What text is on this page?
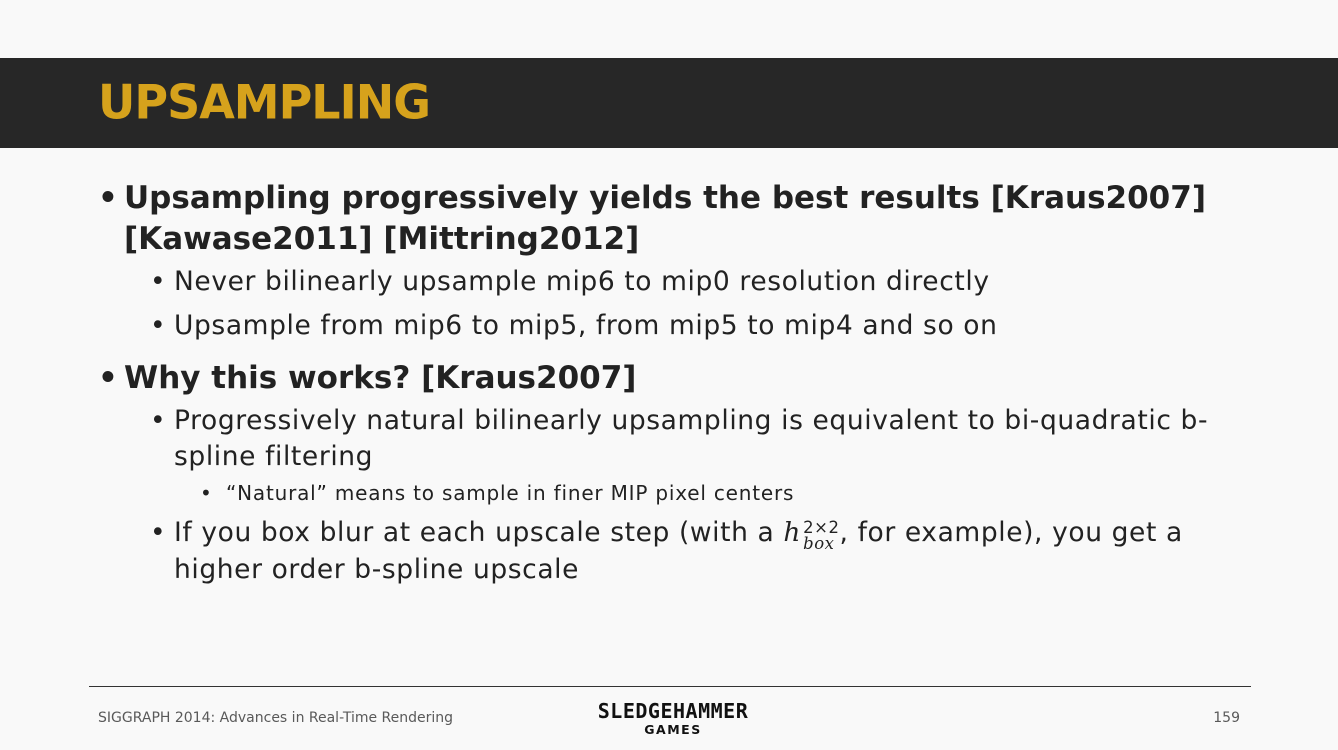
UPSAMPLING
• Upsampling progressively yields the best results [Kraus2007] [Kawase2011] [Mittring2012]
• Never bilinearly upsample mip6 to mip0 resolution directly
• Upsample from mip6 to mip5, from mip5 to mip4 and so on
• Why this works? [Kraus2007]
• Progressively natural bilinearly upsampling is equivalent to bi-quadratic b-spline filtering
• “Natural” means to sample in finer MIP pixel centers
• If you box blur at each upscale step (with a h 2×2
box , for example), you get a higher order b-spline upscale
SIGGRAPH 2014: Advances in Real-Time Rendering	SLEDGEHAMMER
GAMES
159
